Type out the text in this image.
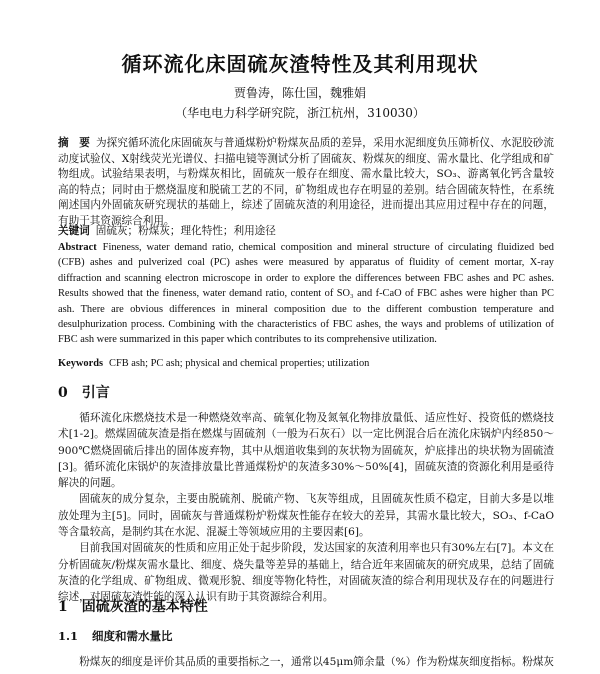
循环流化床固硫灰渣特性及其利用现状
贾鲁涛，陈仕国，魏雅娟
（华电电力科学研究院，浙江杭州，310030）
摘　要 为探究循环流化床固硫灰与普通煤粉炉粉煤灰品质的差异，采用水泥细度负压筛析仪、水泥胶砂流动度试验仪、X射线荧光光谱仪、扫描电镜等测试分析了固硫灰、粉煤灰的细度、需水量比、化学组成和矿物组成。试验结果表明，与粉煤灰相比，固硫灰一般存在细度、需水量比较大，SO₃、游离氧化钙含量较高的特点；同时由于燃烧温度和脱硫工艺的不同，矿物组成也存在明显的差别。结合固硫灰特性，在系统阐述国内外固硫灰研究现状的基础上，综述了固硫灰渣的利用途径，进而提出其应用过程中存在的问题，有助于其资源综合利用。
关键词 固硫灰；粉煤灰；理化特性；利用途径
Abstract Fineness, water demand ratio, chemical composition and mineral structure of circulating fluidized bed (CFB) ashes and pulverized coal (PC) ashes were measured by apparatus of fluidity of cement mortar, X-ray diffraction and scanning electron microscope in order to explore the differences between FBC ashes and PC ashes. Results showed that the fineness, water demand ratio, content of SO₃ and f-CaO of FBC ashes were higher than PC ash. There are obvious differences in mineral composition due to the different combustion temperature and desulphurization process. Combining with the characteristics of FBC ashes, the ways and problems of utilization of FBC ash were summarized in this paper which contributes to its comprehensive utilization.
Keywords CFB ash; PC ash; physical and chemical properties; utilization
0 引言

循环流化床燃烧技术是一种燃烧效率高、硫氧化物及氮氧化物排放量低、适应性好、投资低的燃烧技术[1-2]。燃煤固硫灰渣是指在燃煤与固硫剂（一般为石灰石）以一定比例混合后在流化床锅炉内经850～900℃燃烧固硫后排出的固体废弃物，其中从烟道收集到的灰状物为固硫灰，炉底排出的块状物为固硫渣[3]。循环流化床锅炉的灰渣排放量比普通煤粉炉的灰渣多30%～50%[4]，固硫灰渣的资源化利用是亟待解决的问题。

固硫灰的成分复杂，主要由脱硫剂、脱硫产物、飞灰等组成，且固硫灰性质不稳定，目前大多是以堆放处理为主[5]。同时，固硫灰与普通煤粉炉粉煤灰性能存在较大的差异，其需水量比较大，SO₃、f-CaO等含量较高，是制约其在水泥、混凝土等领域应用的主要因素[6]。

目前我国对固硫灰的性质和应用正处于起步阶段，发达国家的灰渣利用率也只有30%左右[7]。本文在分析固硫灰/粉煤灰需水量比、细度、烧失量等差异的基础上，结合近年来固硫灰的研究成果，总结了固硫灰渣的化学组成、矿物组成、微观形貌、细度等物化特性，对固硫灰渣的综合利用现状及存在的问题进行综述，对固硫灰渣性能的深入认识有助于其资源综合利用。

1 固硫灰渣的基本特性
1.1 细度和需水量比

粉煤灰的细度是评价其品质的重要指标之一，通常以45μm筛余量（%）作为粉煤灰细度指标。粉煤灰
